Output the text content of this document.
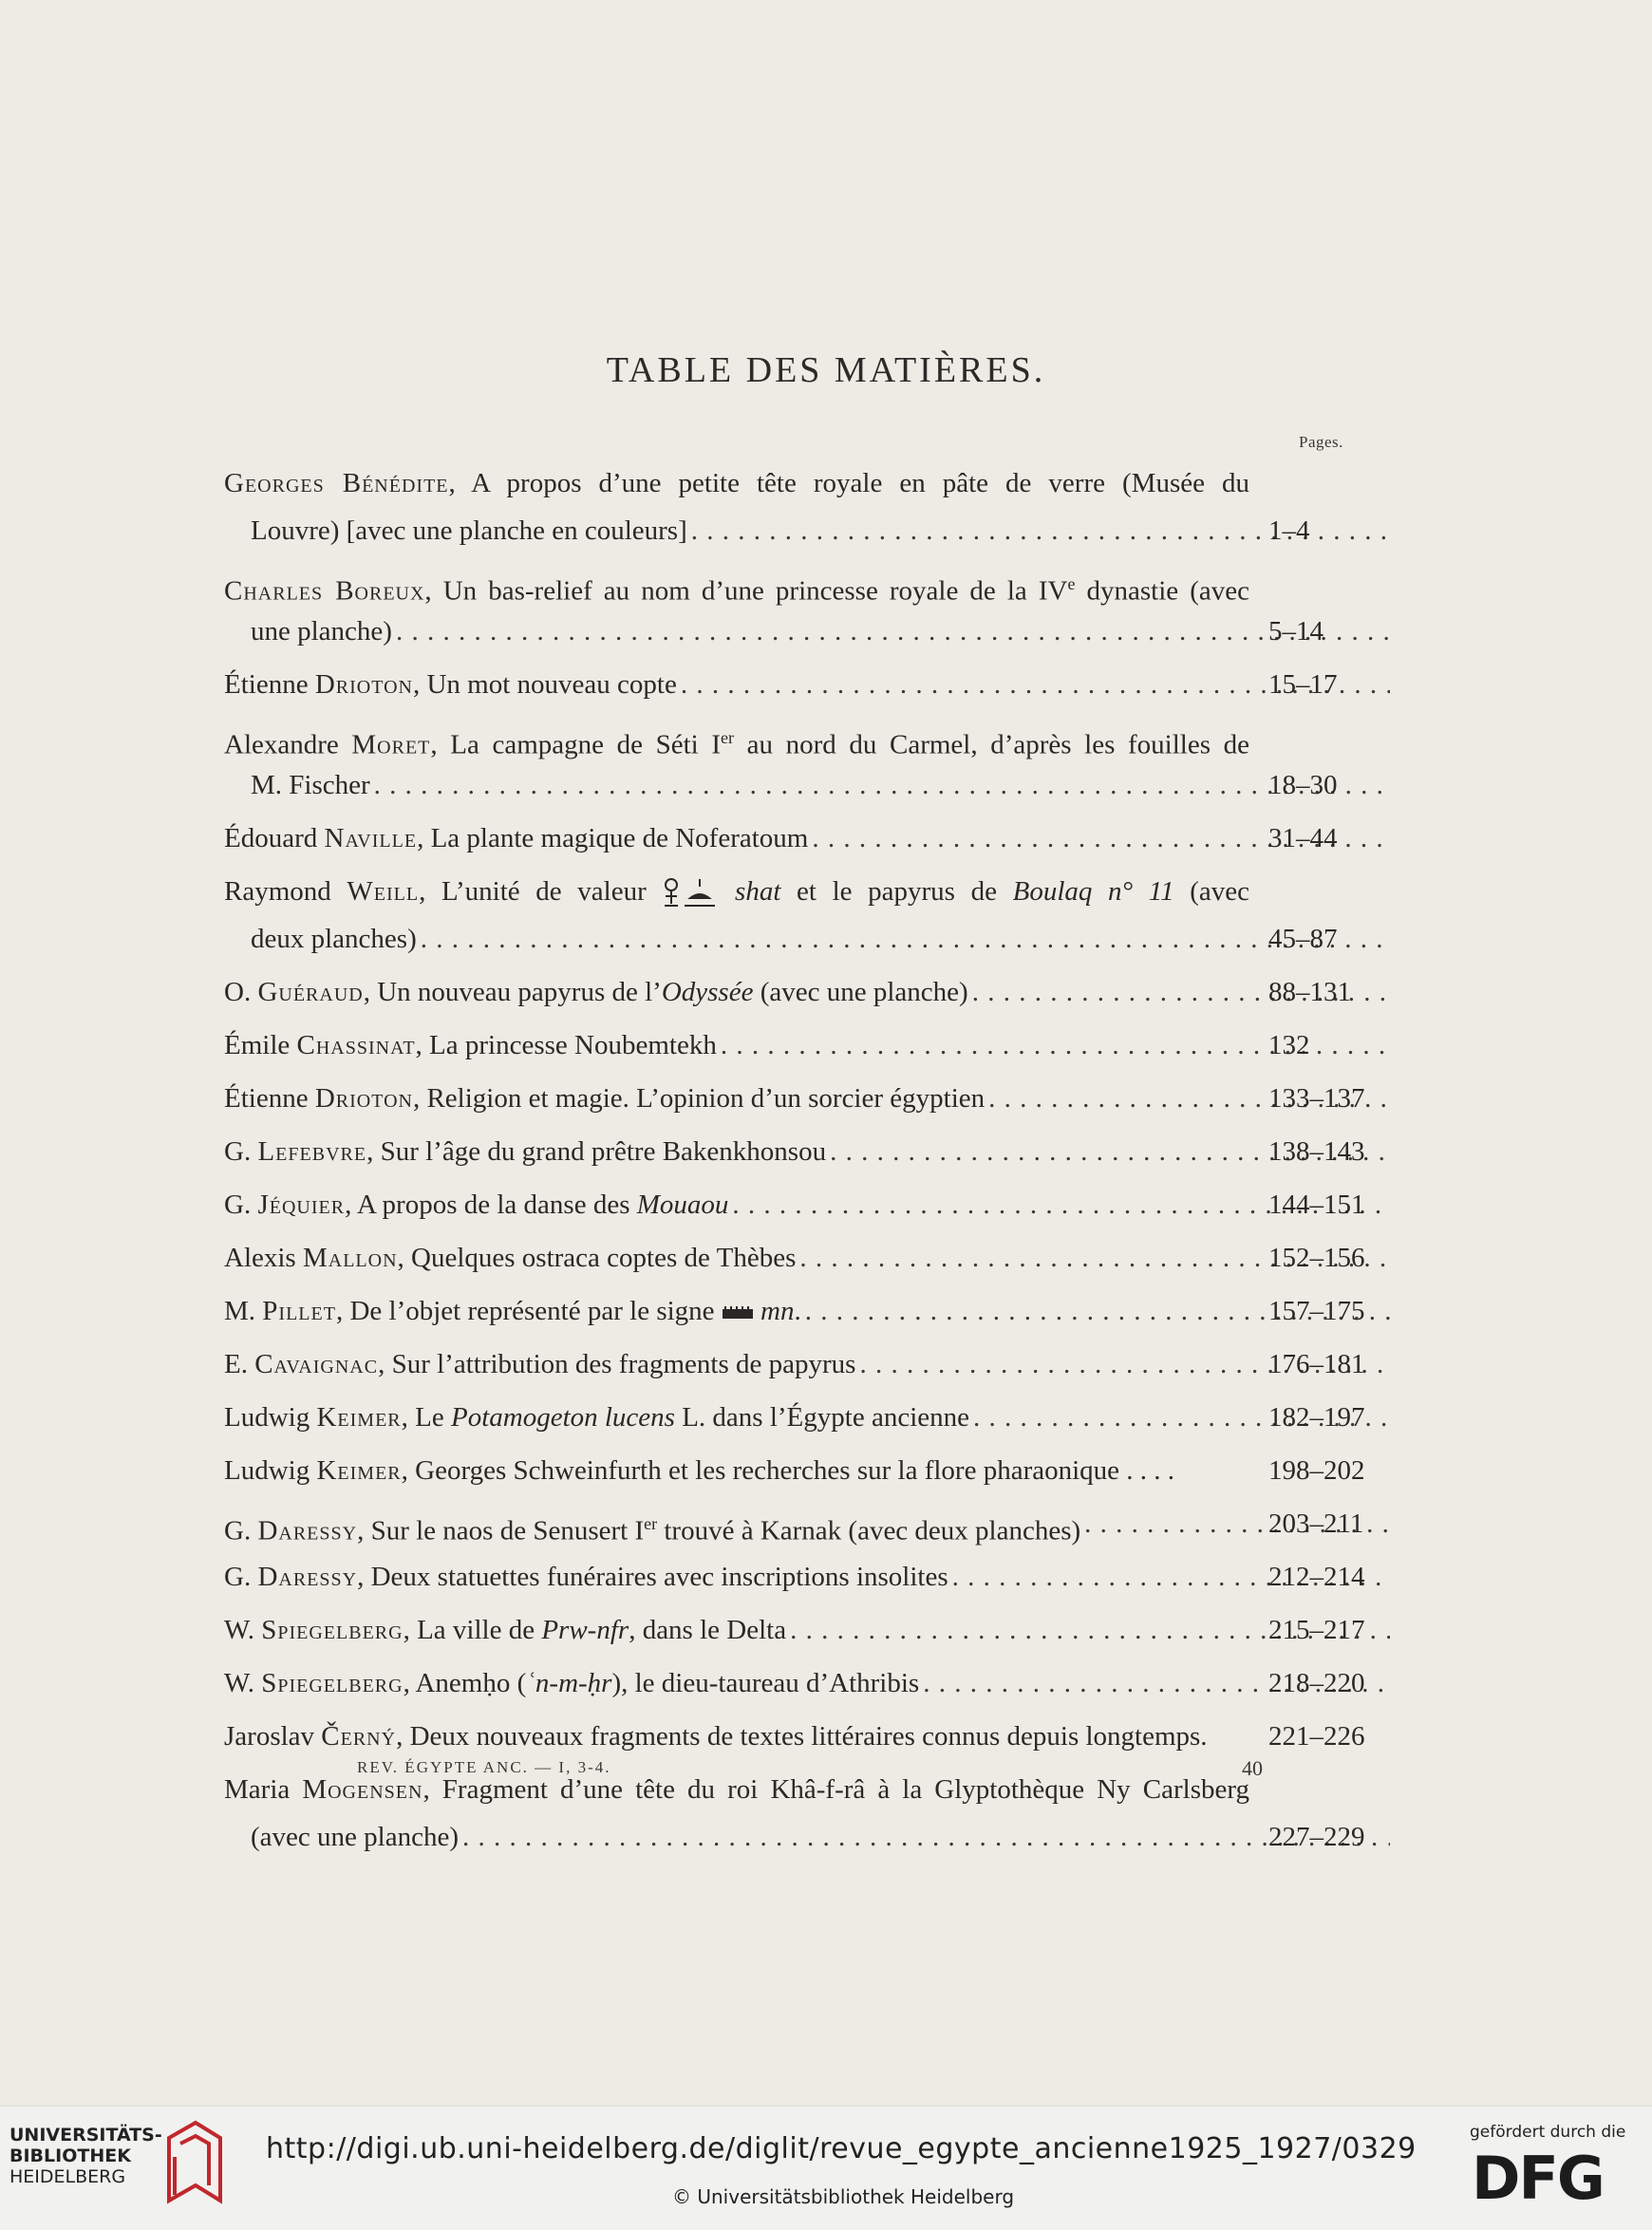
TABLE DES MATIÈRES.
Pages.
Georges Bénédite, A propos d’une petite tête royale en pâte de verre (Musée du
Louvre) [avec une planche en couleurs] . . .	1–4
Charles Boreux, Un bas-relief au nom d’une princesse royale de la IVe dynastie (avec
une planche) . . .	5–14
Étienne Drioton, Un mot nouveau copte . . .	15–17
Alexandre Moret, La campagne de Séti Ier au nord du Carmel, d’après les fouilles de
M. Fischer . . .	18–30
Édouard Naville, La plante magique de Noferatoum . . .	31–44
Raymond Weill, L’unité de valeur	shat et le papyrus de Boulaq n° 11 (avec
deux planches) . . .	45–87
O. Guéraud, Un nouveau papyrus de l’Odyssée (avec une planche) . . .	88–131
Émile Chassinat, La princesse Noubemtekh . . .	132
Étienne Drioton, Religion et magie. L’opinion d’un sorcier égyptien . . .	133–137
G. Lefebvre, Sur l’âge du grand prêtre Bakenkhonsou . . .	138–143
G. Jéquier, A propos de la danse des Mouaou . . .	144–151
Alexis Mallon, Quelques ostraca coptes de Thèbes . . .	152–156
M. Pillet, De l’objet représenté par le signe  mn. . . .	157–175
E. Cavaignac, Sur l’attribution des fragments de papyrus . . .	176–181
Ludwig Keimer, Le Potamogeton lucens L. dans l’Égypte ancienne . . .	182–197
Ludwig Keimer, Georges Schweinfurth et les recherches sur la flore pharaonique . . . .	198–202
G. Daressy, Sur le naos de Senusert Ier trouvé à Karnak (avec deux planches) . . .	203–211
G. Daressy, Deux statuettes funéraires avec inscriptions insolites . . .	212–214
W. Spiegelberg, La ville de Prw-nfr, dans le Delta . . .	215–217
W. Spiegelberg, Anemḥo (ʿn-m-ḥr), le dieu-taureau d’Athribis . . .	218–220
Jaroslav Černý, Deux nouveaux fragments de textes littéraires connus depuis longtemps. 221–226
Maria Mogensen, Fragment d’une tête du roi Khâ-f-râ à la Glyptothèque Ny Carlsberg
(avec une planche) . . .	227–229
REV. ÉGYPTE ANC. — I, 3-4.	40
UNIVERSITÄTS-
BIBLIOTHEK
HEIDELBERG
http://digi.ub.uni-heidelberg.de/diglit/revue_egypte_ancienne1925_1927/0329
© Universitätsbibliothek Heidelberg
gefördert durch die
DFG
